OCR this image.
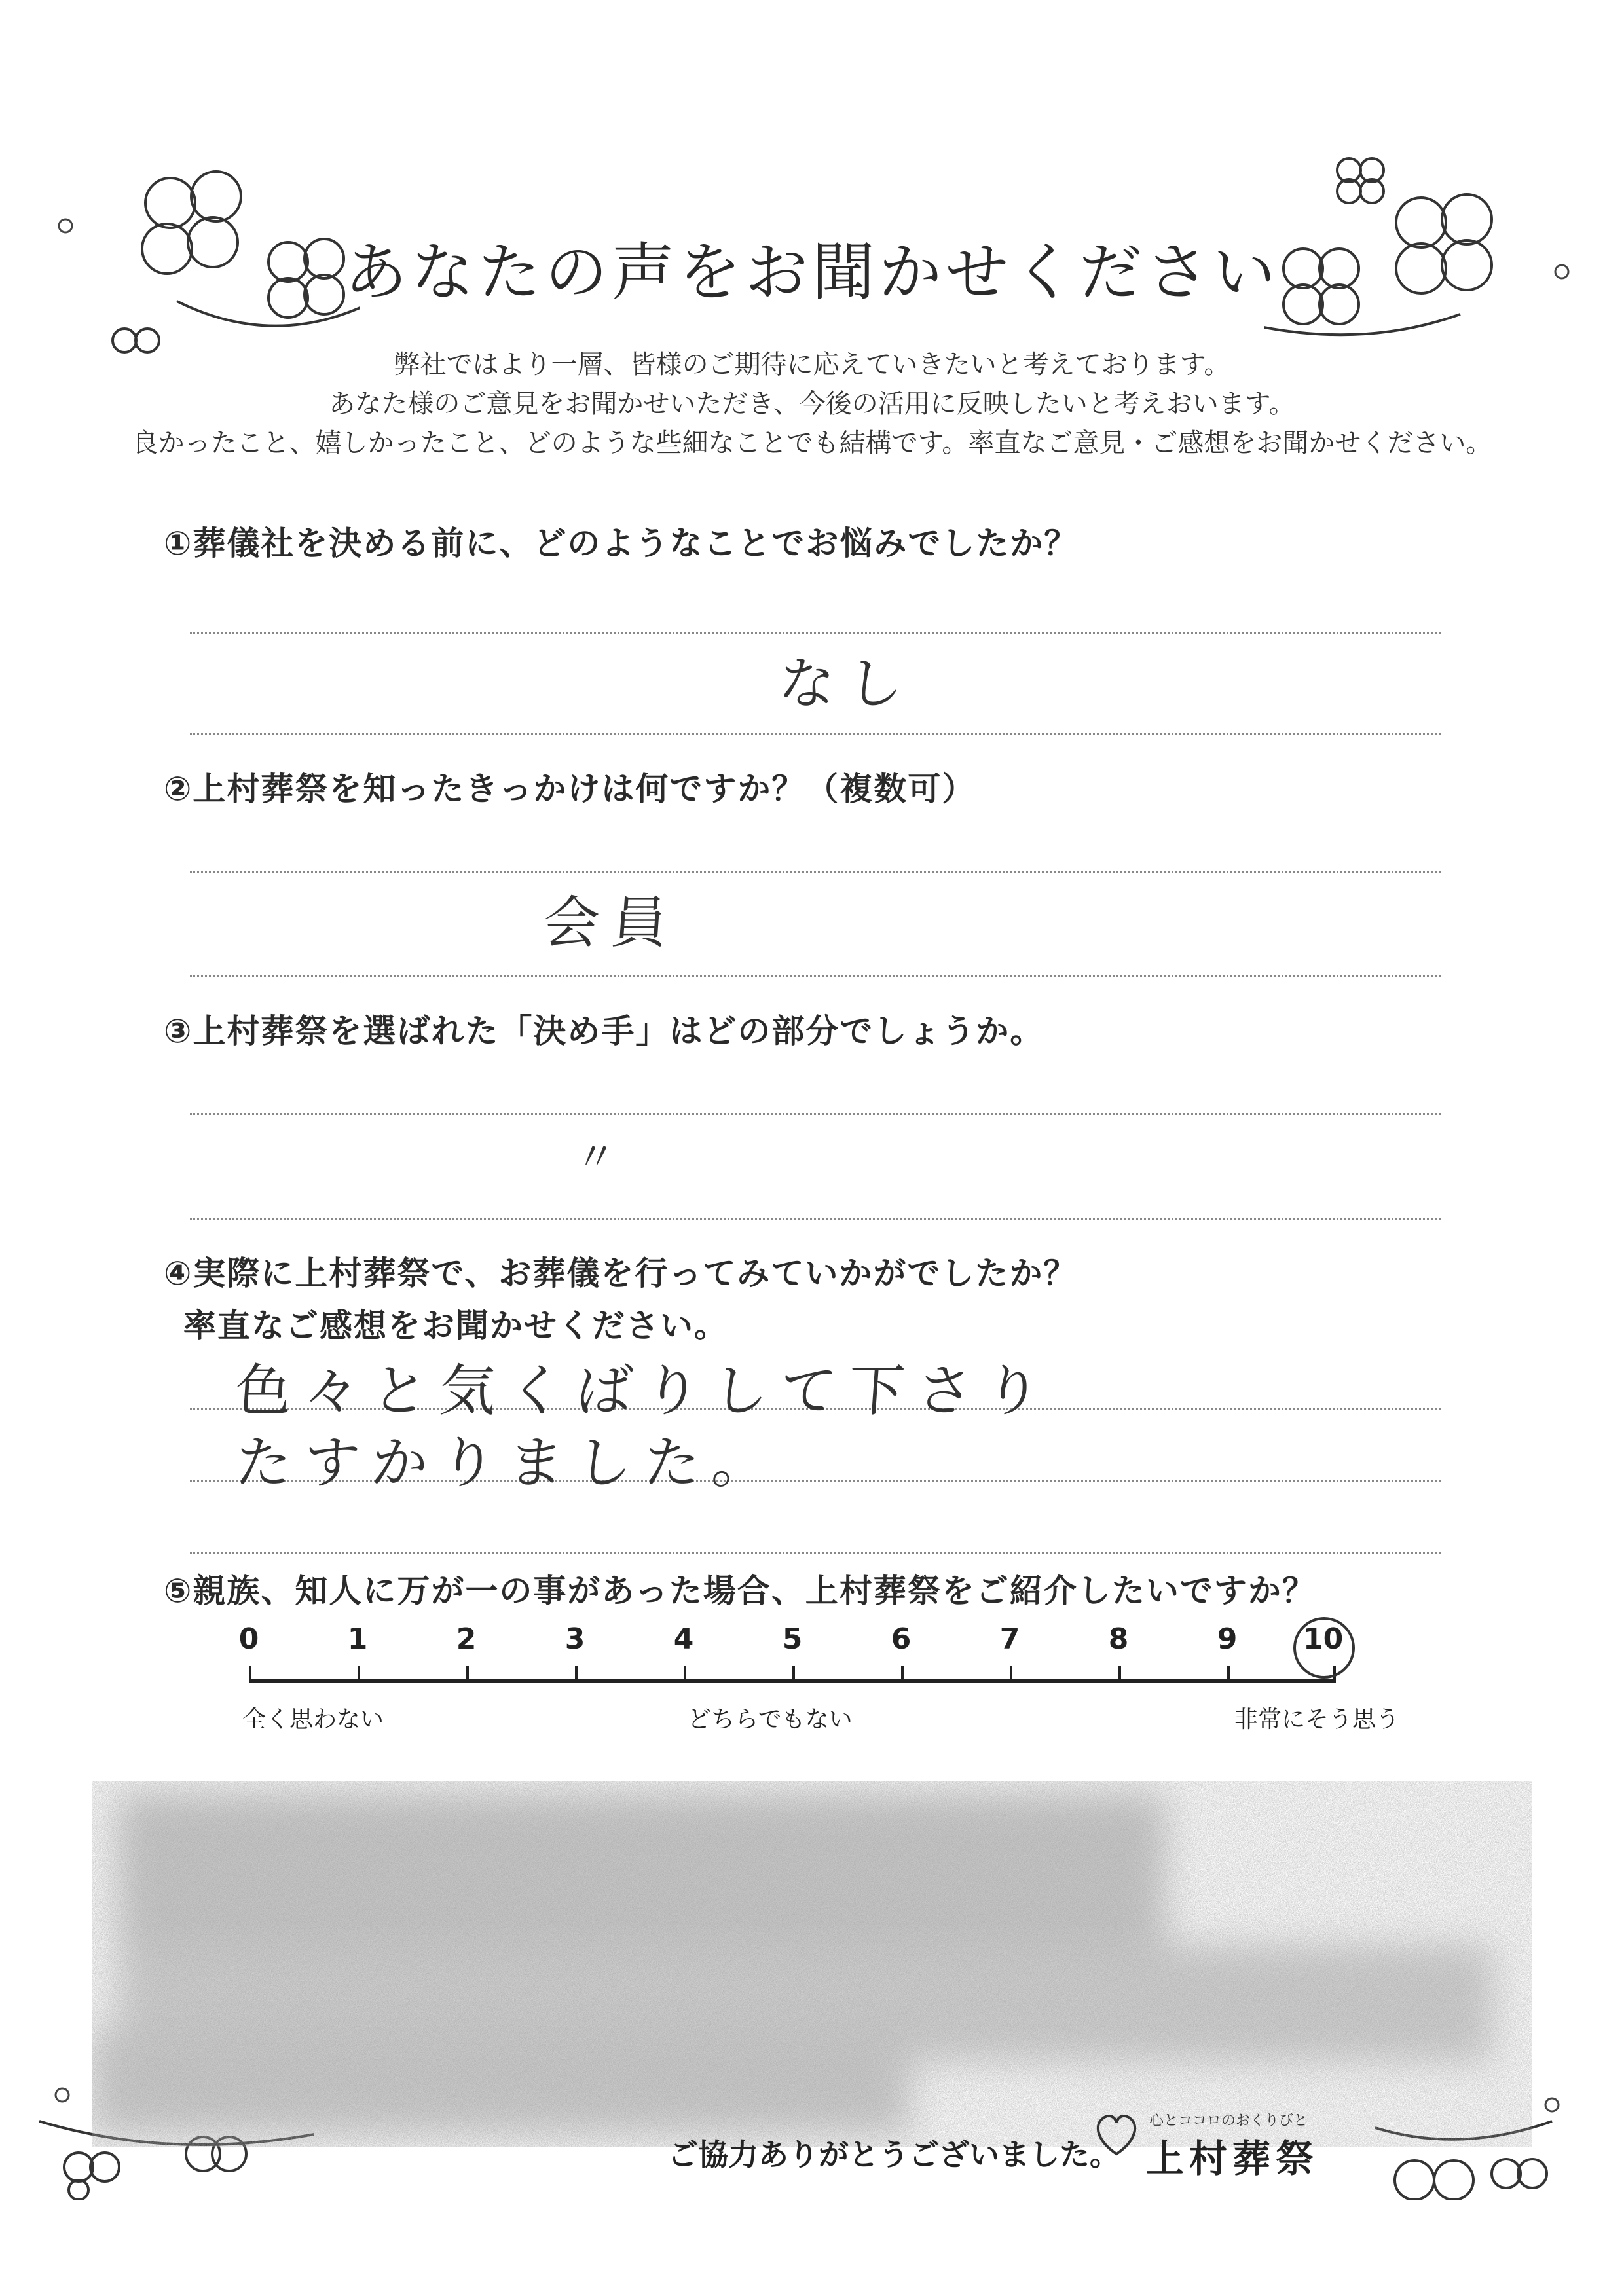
あなたの声をお聞かせください
弊社ではより一層、皆様のご期待に応えていきたいと考えております。
あなた様のご意見をお聞かせいただき、今後の活用に反映したいと考えおいます。
良かったこと、嬉しかったこと、どのような些細なことでも結構です。率直なご意見・ご感想をお聞かせください。
①葬儀社を決める前に、どのようなことでお悩みでしたか？
なし
②上村葬祭を知ったきっかけは何ですか？（複数可）
会員
③上村葬祭を選ばれた「決め手」はどの部分でしょうか。
〃
④実際に上村葬祭で、お葬儀を行ってみていかがでしたか？
率直なご感想をお聞かせください。
色々と気くばりして下さり
たすかりました。
⑤親族、知人に万が一の事があった場合、上村葬祭をご紹介したいですか？
0	1	2	3	4	5	6	7	8	9	10
全く思わない	どちらでもない	非常にそう思う
ご協力ありがとうございました。
心とココロのおくりびと
上村葬祭
